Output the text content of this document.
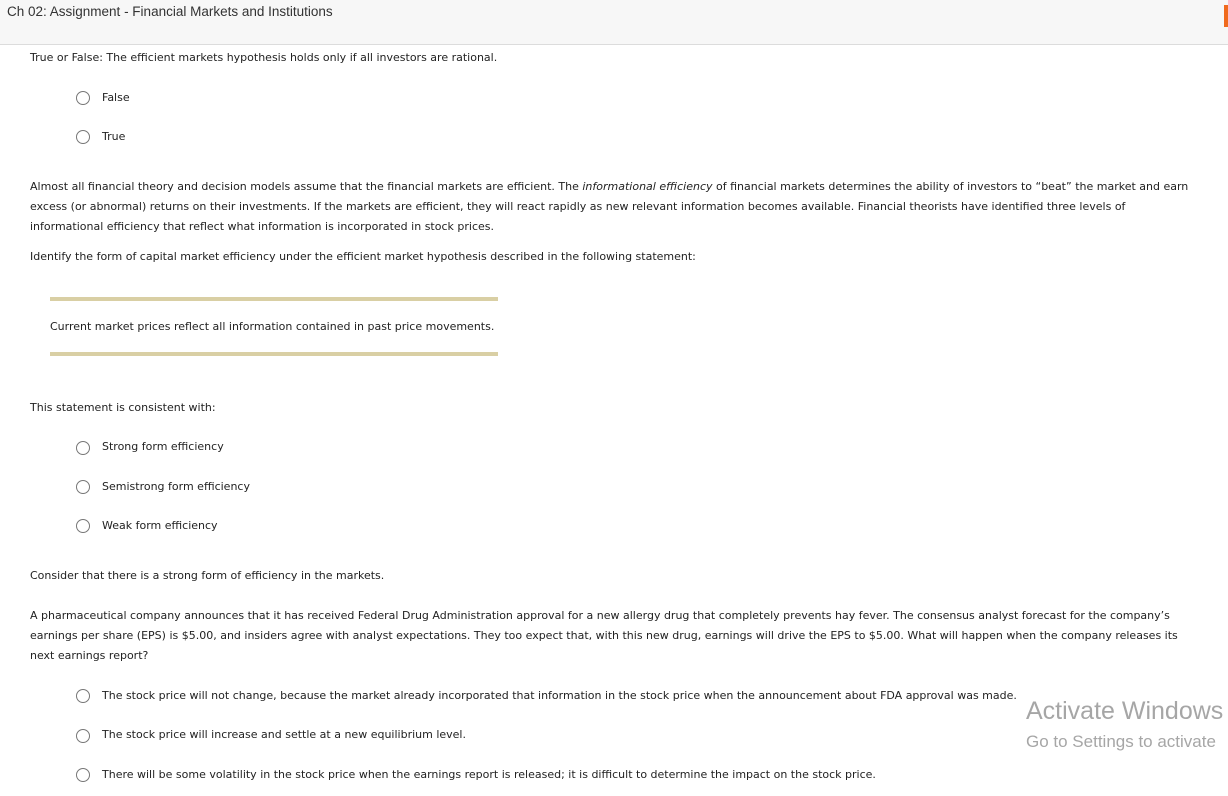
Ch 02: Assignment - Financial Markets and Institutions
True or False: The efficient markets hypothesis holds only if all investors are rational.
False
True
Almost all financial theory and decision models assume that the financial markets are efficient. The informational efficiency of financial markets determines the ability of investors to “beat” the market and earn excess (or abnormal) returns on their investments. If the markets are efficient, they will react rapidly as new relevant information becomes available. Financial theorists have identified three levels of informational efficiency that reflect what information is incorporated in stock prices.
Identify the form of capital market efficiency under the efficient market hypothesis described in the following statement:
Current market prices reflect all information contained in past price movements.
This statement is consistent with:
Strong form efficiency
Semistrong form efficiency
Weak form efficiency
Consider that there is a strong form of efficiency in the markets.
A pharmaceutical company announces that it has received Federal Drug Administration approval for a new allergy drug that completely prevents hay fever. The consensus analyst forecast for the company’s earnings per share (EPS) is $5.00, and insiders agree with analyst expectations. They too expect that, with this new drug, earnings will drive the EPS to $5.00. What will happen when the company releases its next earnings report?
The stock price will not change, because the market already incorporated that information in the stock price when the announcement about FDA approval was made.
The stock price will increase and settle at a new equilibrium level.
There will be some volatility in the stock price when the earnings report is released; it is difficult to determine the impact on the stock price.
Activate Windows
Go to Settings to activate
